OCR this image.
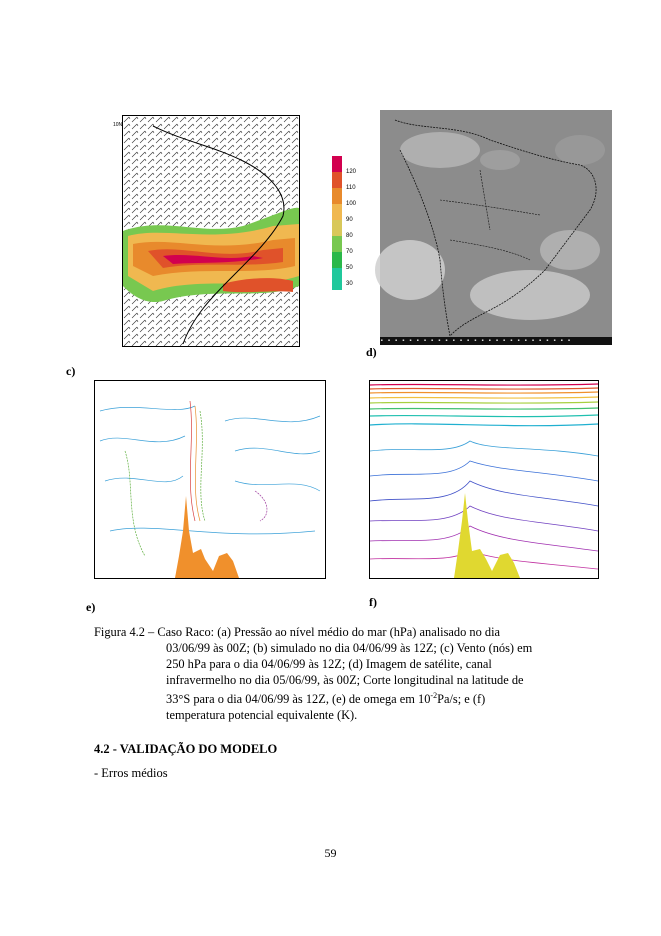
10N
120
110
100
90
80
70
50
30
▪ ▪ ▪ ▪ ▪ ▪ ▪ ▪ ▪ ▪ ▪ ▪ ▪ ▪ ▪ ▪ ▪ ▪ ▪ ▪ ▪ ▪ ▪ ▪ ▪ ▪ ▪
d)
c)
e)	f)
Figura 4.2 – Caso Raco: (a) Pressão ao nível médio do mar (hPa) analisado no dia
03/06/99 às 00Z; (b) simulado no dia 04/06/99 às 12Z; (c) Vento (nós) em
250 hPa para o dia 04/06/99 às 12Z; (d) Imagem de satélite, canal
infravermelho no dia 05/06/99, às 00Z; Corte longitudinal na latitude de
33°S para o dia 04/06/99 às 12Z, (e) de omega em $10^{-2}Pa/s$; e (f)
temperatura potencial equivalente (K).
4.2 - VALIDAÇÃO DO MODELO
- Erros médios
59
